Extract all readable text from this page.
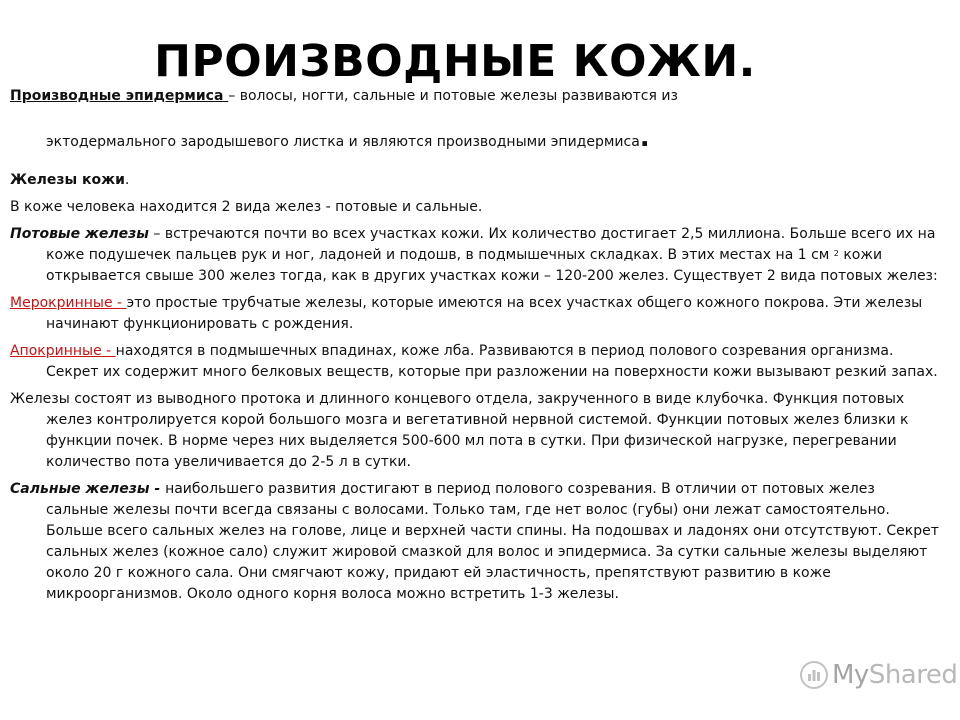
ПРОИЗВОДНЫЕ КОЖИ.

Производные эпидермиса – волосы, ногти, сальные и потовые железы развиваются из

эктодермального зародышевого листка и являются производными эпидермиса.

Железы кожи.

В коже человека находится 2 вида желез - потовые и сальные.

Потовые железы – встречаются почти во всех участках кожи. Их количество достигает 2,5 миллиона. Больше всего их на коже подушечек пальцев рук и ног, ладоней и подошв, в подмышечных складках. В этих местах на 1 см $^2$ кожи открывается свыше 300 желез тогда, как в других участках кожи – 120-200 желез. Существует 2 вида потовых желез:

Мерокринные - это простые трубчатые железы, которые имеются на всех участках общего кожного покрова. Эти железы начинают функционировать с рождения.

Апокринные - находятся в подмышечных впадинах, коже лба. Развиваются в период полового созревания организма. Секрет их содержит много белковых веществ, которые при разложении на поверхности кожи вызывают резкий запах.

Железы состоят из выводного протока и длинного концевого отдела, закрученного в виде клубочка. Функция потовых желез контролируется корой большого мозга и вегетативной нервной системой. Функции потовых желез близки к функции почек. В норме через них выделяется 500-600 мл пота в сутки. При физической нагрузке, перегревании количество пота увеличивается до 2-5 л в сутки.

Сальные железы - наибольшего развития достигают в период полового созревания. В отличии от потовых желез сальные железы почти всегда связаны с волосами. Только там, где нет волос (губы) они лежат самостоятельно. Больше всего сальных желез на голове, лице и верхней части спины. На подошвах и ладонях они отсутствуют. Секрет сальных желез (кожное сало) служит жировой смазкой для волос и эпидермиса. За сутки сальные железы выделяют около 20 г кожного сала. Они смягчают кожу, придают ей эластичность, препятствуют развитию в коже микроорганизмов. Около одного корня волоса можно встретить 1-3 железы.

MyShared
